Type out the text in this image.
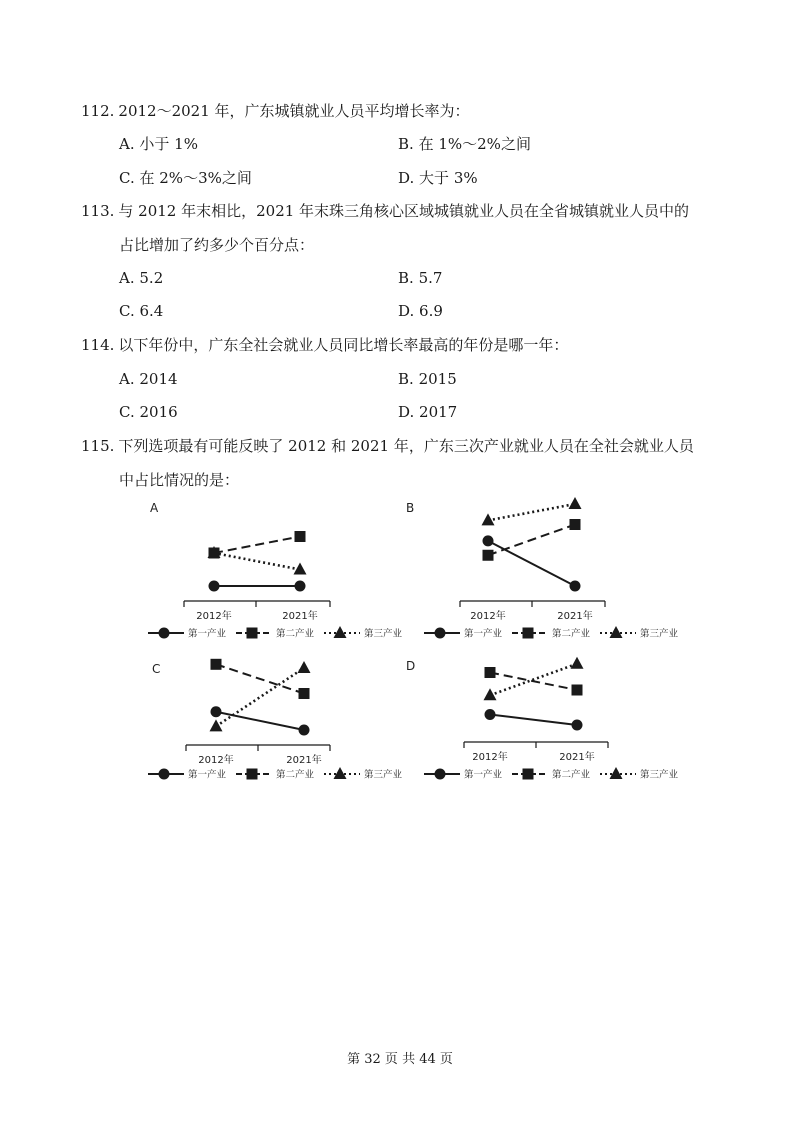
112. 2012～2021 年，广东城镇就业人员平均增长率为：
A. 小于 1%	B. 在 1%～2%之间
C. 在 2%～3%之间	D. 大于 3%
113. 与 2012 年末相比，2021 年末珠三角核心区域城镇就业人员在全省城镇就业人员中的
占比增加了约多少个百分点：
A. 5.2	B. 5.7
C. 6.4	D. 6.9
114. 以下年份中，广东全社会就业人员同比增长率最高的年份是哪一年：
A. 2014	B. 2015
C. 2016	D. 2017
115. 下列选项最有可能反映了 2012 和 2021 年，广东三次产业就业人员在全社会就业人员
中占比情况的是：
A
2012年	2021年
第一产业	第二产业	第三产业
B
2012年	2021年
第一产业	第二产业	第三产业
C
2012年	2021年
第一产业	第二产业	第三产业
D
2012年	2021年
第一产业	第二产业	第三产业
第 32 页 共 44 页
